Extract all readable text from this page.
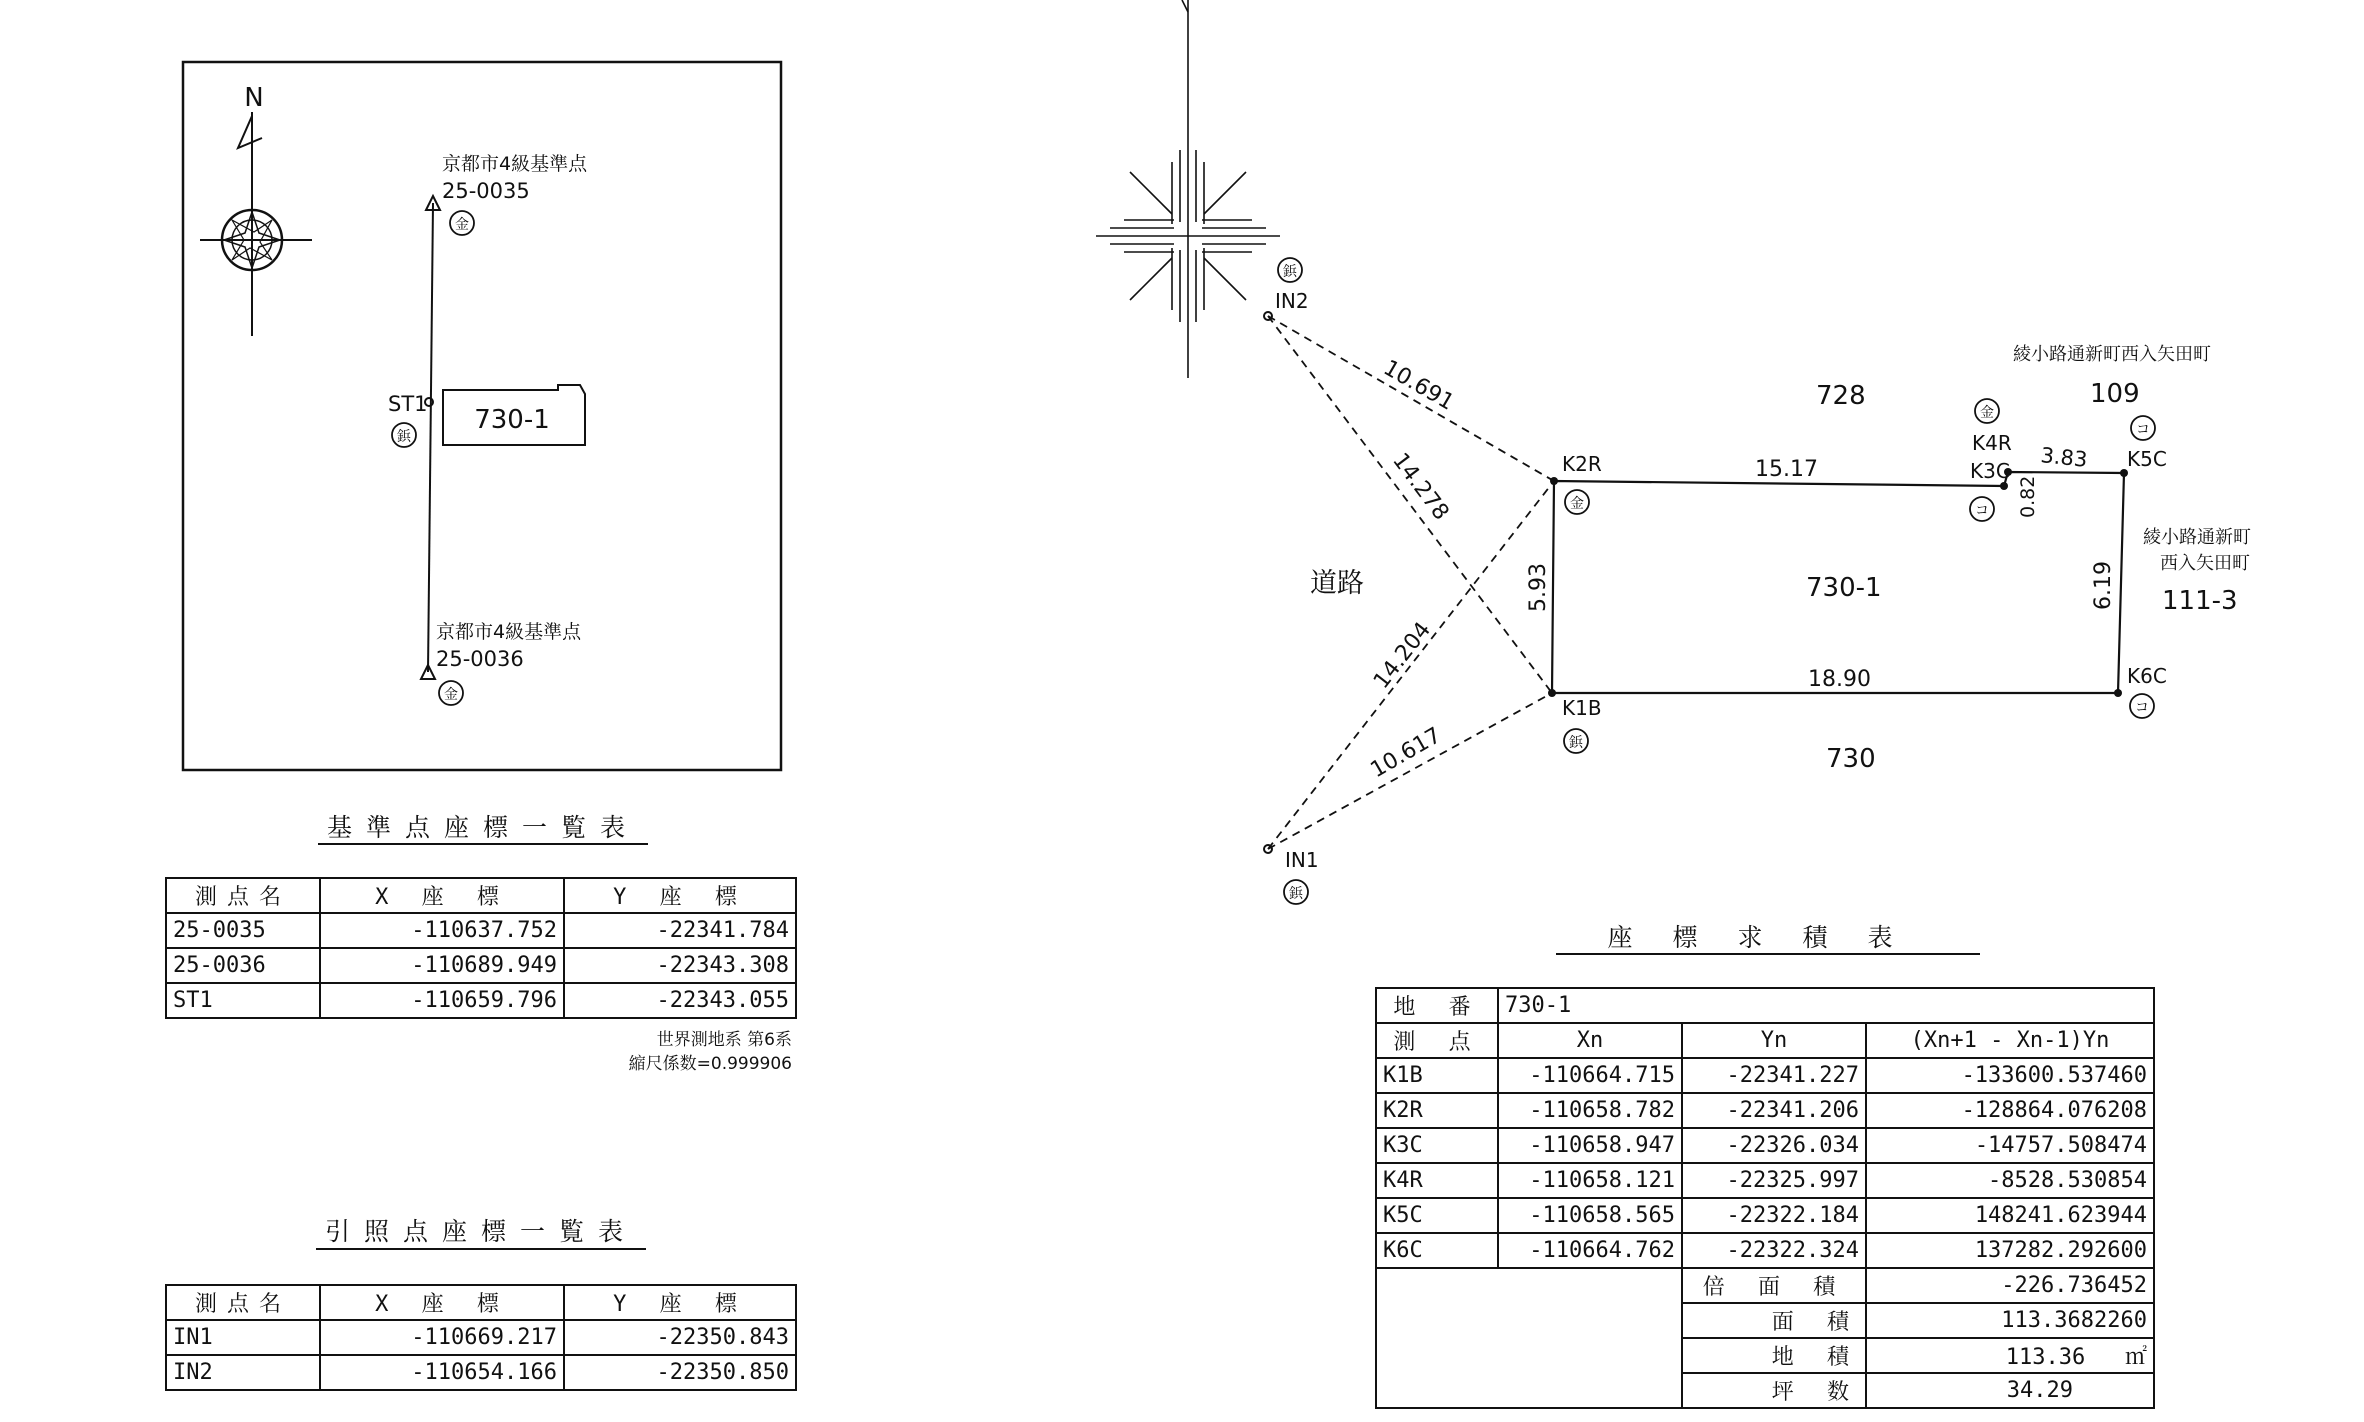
N
京都市4級基準点
25-0035
金
ST1
鋲
京都市4級基準点
25-0036
金
730-1
IN2
鋲
IN1
鋲
K2R
金
K1B
鋲
K3C
コ
K4R
金
K5C
コ
K6C
コ
10.691
14.278
14.204
10.617
15.17	3.83
0.82
5.93	6.19
18.90
道路
728
730-1
730
綾小路通新町西入矢田町
109
綾小路通新町
西入矢田町
111-3
基準点座標一覧表
測点名	X 座 標	Y 座 標
25-0035	-110637.752	-22341.784
25-0036	-110689.949	-22343.308
ST1	-110659.796	-22343.055
世界測地系 第6系
縮尺係数=0.999906
引照点座標一覧表
測点名	X 座 標	Y 座 標
IN1	-110669.217	-22350.843
IN2	-110654.166	-22350.850
座標求積表
地 番	730-1		
測 点	Xn	Yn	(Xn+1 - Xn-1)Yn
K1B	-110664.715	-22341.227	-133600.537460
K2R	-110658.782	-22341.206	-128864.076208
K3C	-110658.947	-22326.034	-14757.508474
K4R	-110658.121	-22325.997	-8528.530854
K5C	-110658.565	-22322.184	148241.623944
K6C	-110664.762	-22322.324	137282.292600
		倍 面 積	-226.736452
		面 積	113.3682260
		地 積	113.36 ㎡
		坪 数	34.29
